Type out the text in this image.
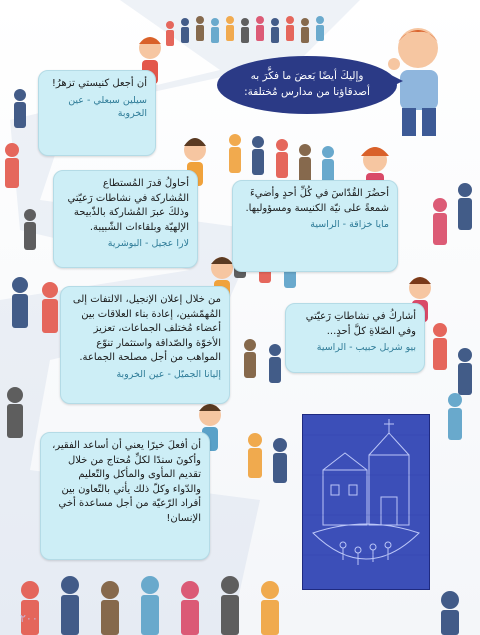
وإليكَ أيضًا بَعضَ ما فكَّرَ به
أصدقاؤنا من مدارس مُختلفة:
أن أجعل كنيستي تزهرُ!
سيلين سبعلي - عين الخروبة
أحضُرَ القُدّاسَ في كُلِّ أحدٍ وأضيءَ شمعةً على نيّة الكنيسة ومسؤوليها.
مايا خزاقة - الراسية
أحاولُ قدرَ المُستطاع المُشاركة في نشاطات رَعيّتي وذلكَ عبرَ المُشاركة بالذّبيحة الإلهيّة وبلقاءات الشّبيبة.
لارا عجيل - البوشرية
أشاركُ في نشاطاتِ رَعيّتي وفي الصّلاةِ كلَّ أحدٍ...
بيو شربل حبيب - الراسية
من خلال إعلان الإنجيل، الالتفات إلى المُهمّشين، إعادة بناء العلاقات بين أعضاء مُختلف الجماعات، تعزيز الأخوّة والصّداقة واستثمار تنوّع المواهب من أجل مصلحة الجماعة.
إليانا الجميّل - عين الخروبة
أن أفعلَ خيرًا يعني أن أساعد الفقير، وأكونَ سندًا لكلِّ مُحتاج من خلال تقديم المأوى والمأكل والتّعليم والدّواء وكلّ ذلك يأتي بالتّعاون بين أفراد الرّعيّة من أجل مساعدة أخي الإنسان!
٢٠٠
